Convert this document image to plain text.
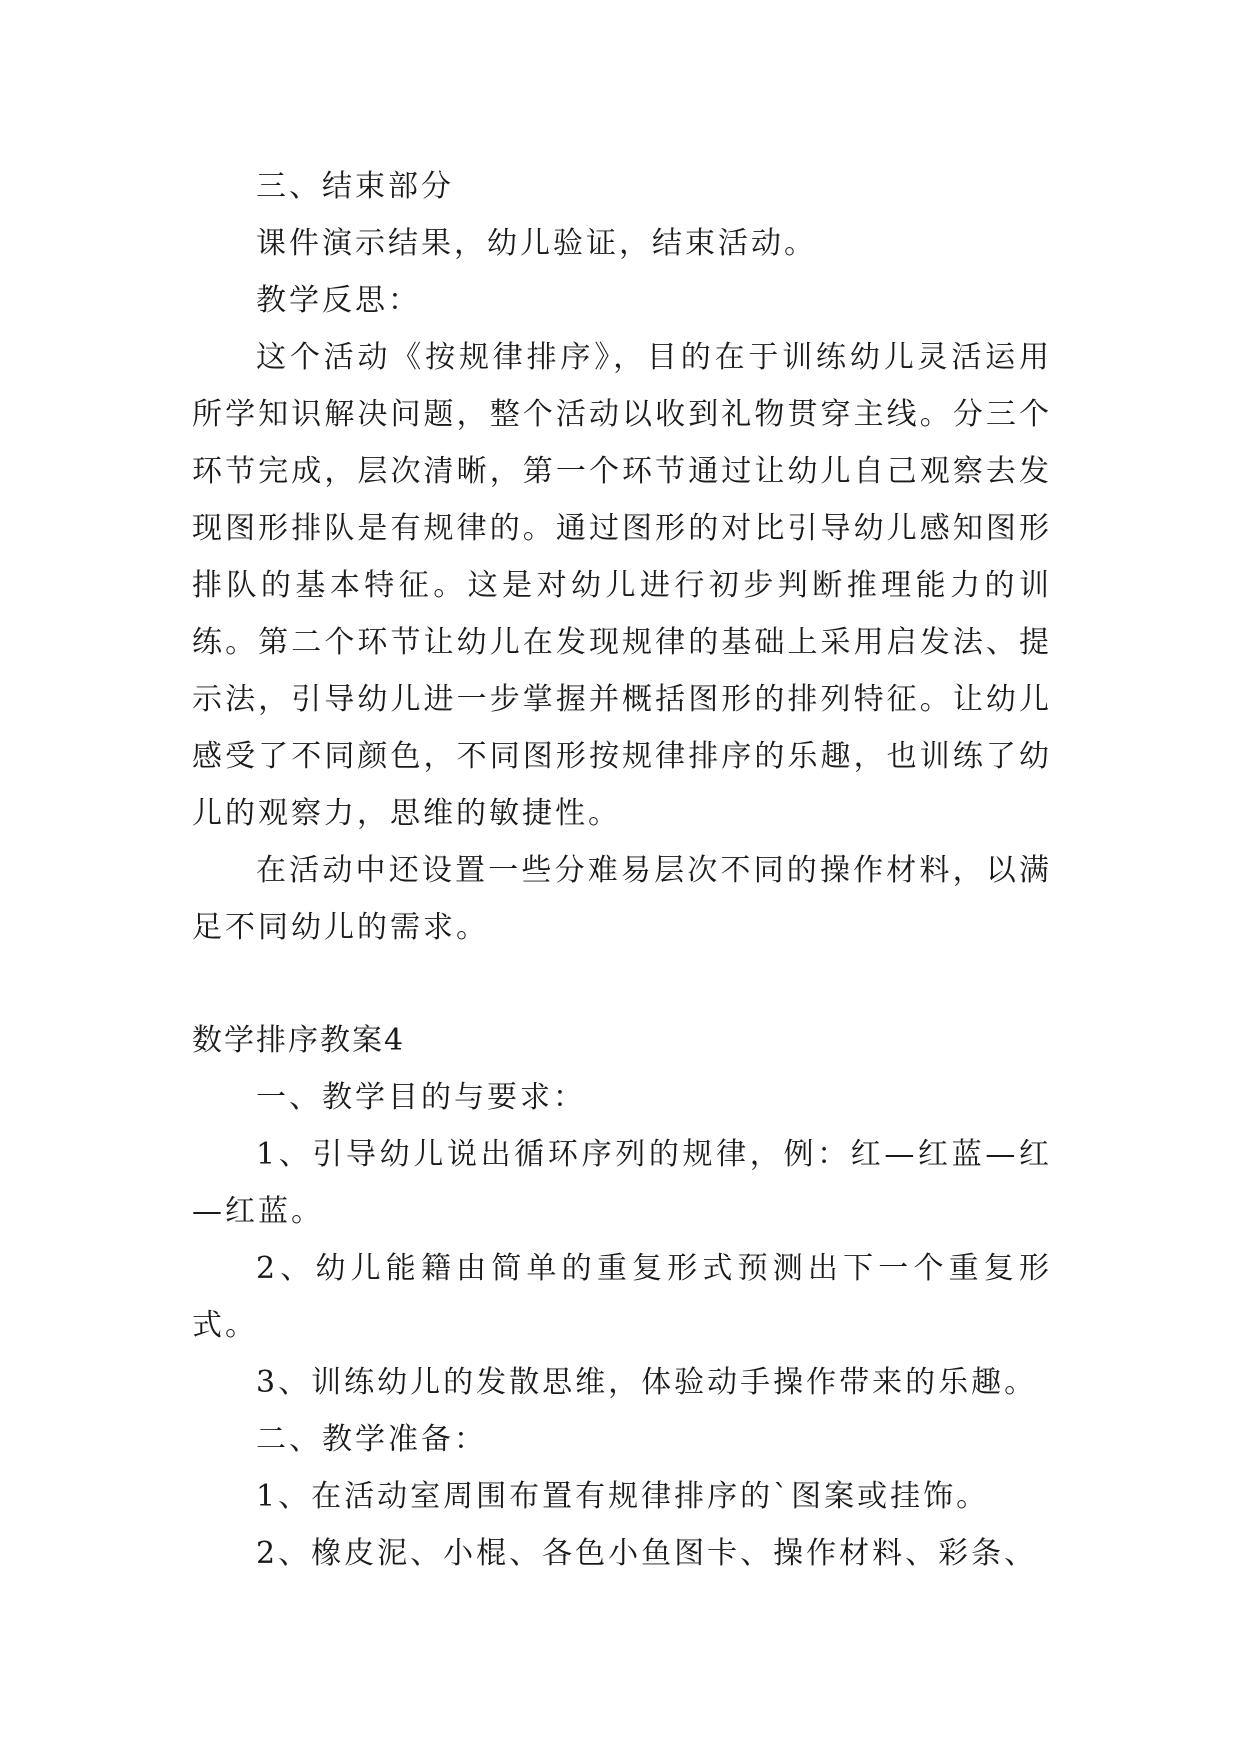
三、结束部分

课件演示结果，幼儿验证，结束活动。

教学反思：

这个活动《按规律排序》，目的在于训练幼儿灵活运用所学知识解决问题，整个活动以收到礼物贯穿主线。分三个环节完成，层次清晰，第一个环节通过让幼儿自己观察去发现图形排队是有规律的。通过图形的对比引导幼儿感知图形排队的基本特征。这是对幼儿进行初步判断推理能力的训练。第二个环节让幼儿在发现规律的基础上采用启发法、提示法，引导幼儿进一步掌握并概括图形的排列特征。让幼儿感受了不同颜色，不同图形按规律排序的乐趣，也训练了幼儿的观察力，思维的敏捷性。

在活动中还设置一些分难易层次不同的操作材料，以满足不同幼儿的需求。

数学排序教案4

一、教学目的与要求：

1、引导幼儿说出循环序列的规律，例：红—红蓝—红—红蓝。

2、幼儿能籍由简单的重复形式预测出下一个重复形式。

3、训练幼儿的发散思维，体验动手操作带来的乐趣。

二、教学准备：

1、在活动室周围布置有规律排序的`图案或挂饰。

2、橡皮泥、小棍、各色小鱼图卡、操作材料、彩条、
